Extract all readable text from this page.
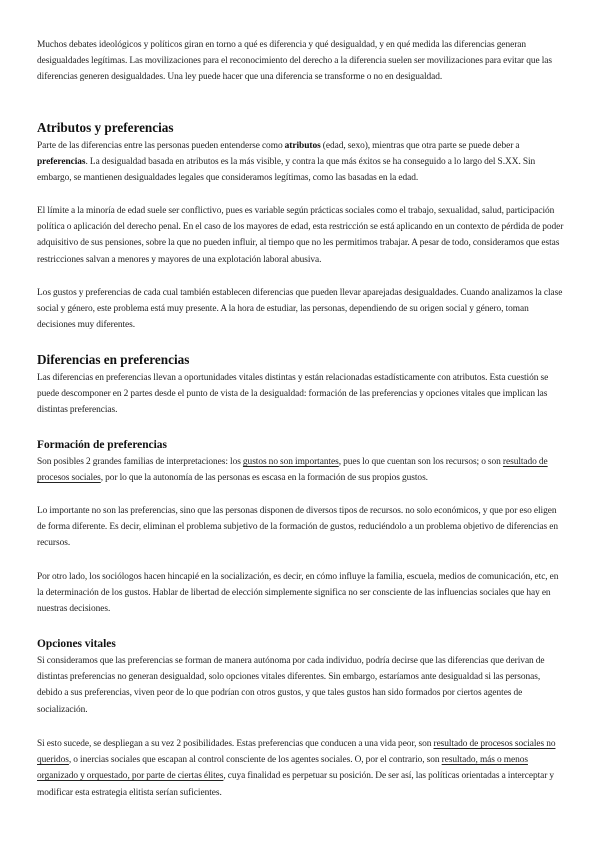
Muchos debates ideológicos y políticos giran en torno a qué es diferencia y qué desigualdad, y en qué medida las diferencias generan desigualdades legítimas. Las movilizaciones para el reconocimiento del derecho a la diferencia suelen ser movilizaciones para evitar que las diferencias generen desigualdades. Una ley puede hacer que una diferencia se transforme o no en desigualdad.

Atributos y preferencias

Parte de las diferencias entre las personas pueden entenderse como atributos (edad, sexo), mientras que otra parte se puede deber a preferencias. La desigualdad basada en atributos es la más visible, y contra la que más éxitos se ha conseguido a lo largo del S.XX. Sin embargo, se mantienen desigualdades legales que consideramos legítimas, como las basadas en la edad.

El límite a la minoría de edad suele ser conflictivo, pues es variable según prácticas sociales como el trabajo, sexualidad, salud, participación política o aplicación del derecho penal. En el caso de los mayores de edad, esta restricción se está aplicando en un contexto de pérdida de poder adquisitivo de sus pensiones, sobre la que no pueden influir, al tiempo que no les permitimos trabajar. A pesar de todo, consideramos que estas restricciones salvan a menores y mayores de una explotación laboral abusiva.

Los gustos y preferencias de cada cual también establecen diferencias que pueden llevar aparejadas desigualdades. Cuando analizamos la clase social y género, este problema está muy presente. A la hora de estudiar, las personas, dependiendo de su origen social y género, toman decisiones muy diferentes.

Diferencias en preferencias

Las diferencias en preferencias llevan a oportunidades vitales distintas y están relacionadas estadísticamente con atributos. Esta cuestión se puede descomponer en 2 partes desde el punto de vista de la desigualdad: formación de las preferencias y opciones vitales que implican las distintas preferencias.

Formación de preferencias

Son posibles 2 grandes familias de interpretaciones: los gustos no son importantes, pues lo que cuentan son los recursos; o son resultado de procesos sociales, por lo que la autonomía de las personas es escasa en la formación de sus propios gustos.

Lo importante no son las preferencias, sino que las personas disponen de diversos tipos de recursos. no solo económicos, y que por eso eligen de forma diferente. Es decir, eliminan el problema subjetivo de la formación de gustos, reduciéndolo a un problema objetivo de diferencias en recursos.

Por otro lado, los sociólogos hacen hincapié en la socialización, es decir, en cómo influye la familia, escuela, medios de comunicación, etc, en la determinación de los gustos. Hablar de libertad de elección simplemente significa no ser consciente de las influencias sociales que hay en nuestras decisiones.

Opciones vitales

Si consideramos que las preferencias se forman de manera autónoma por cada individuo, podría decirse que las diferencias que derivan de distintas preferencias no generan desigualdad, solo opciones vitales diferentes. Sin embargo, estaríamos ante desigualdad si las personas, debido a sus preferencias, viven peor de lo que podrían con otros gustos, y que tales gustos han sido formados por ciertos agentes de socialización.

Si esto sucede, se despliegan a su vez 2 posibilidades. Estas preferencias que conducen a una vida peor, son resultado de procesos sociales no queridos, o inercias sociales que escapan al control consciente de los agentes sociales. O, por el contrario, son resultado, más o menos organizado y orquestado, por parte de ciertas élites, cuya finalidad es perpetuar su posición. De ser así, las políticas orientadas a interceptar y modificar esta estrategia elitista serían suficientes.
